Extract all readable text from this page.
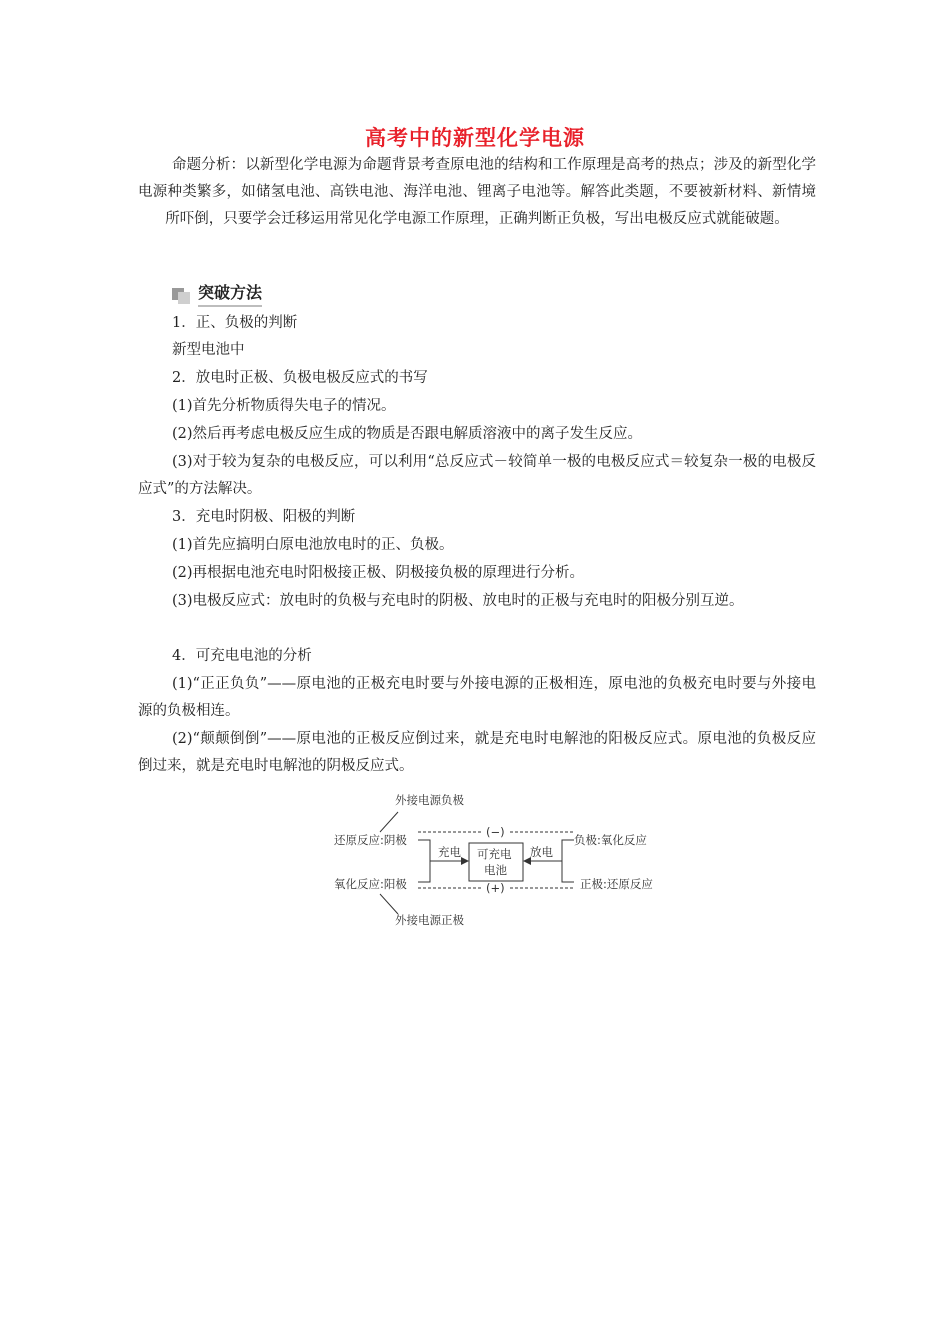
高考中的新型化学电源
命题分析：以新型化学电源为命题背景考查原电池的结构和工作原理是高考的热点；涉及的新型化学电源种类繁多，如储氢电池、高铁电池、海洋电池、锂离子电池等。解答此类题，不要被新材料、新情境所吓倒，只要学会迁移运用常见化学电源工作原理，正确判断正负极，写出电极反应式就能破题。
突破方法
1．正、负极的判断
新型电池中
2．放电时正极、负极电极反应式的书写
(1)首先分析物质得失电子的情况。
(2)然后再考虑电极反应生成的物质是否跟电解质溶液中的离子发生反应。
(3)对于较为复杂的电极反应，可以利用“总反应式－较简单一极的电极反应式＝较复杂一极的电极反应式”的方法解决。
3．充电时阴极、阳极的判断
(1)首先应搞明白原电池放电时的正、负极。
(2)再根据电池充电时阳极接正极、阴极接负极的原理进行分析。
(3)电极反应式：放电时的负极与充电时的阴极、放电时的正极与充电时的阳极分别互逆。
4．可充电电池的分析
(1)“正正负负”——原电池的正极充电时要与外接电源的正极相连，原电池的负极充电时要与外接电源的负极相连。
(2)“颠颠倒倒”——原电池的正极反应倒过来，就是充电时电解池的阳极反应式。原电池的负极反应倒过来，就是充电时电解池的阴极反应式。
外接电源负极
还原反应:阴极
氧化反应:阳极
外接电源正极
负极:氧化反应
正极:还原反应
(−)
(+)
充电	放电
可充电
电池
